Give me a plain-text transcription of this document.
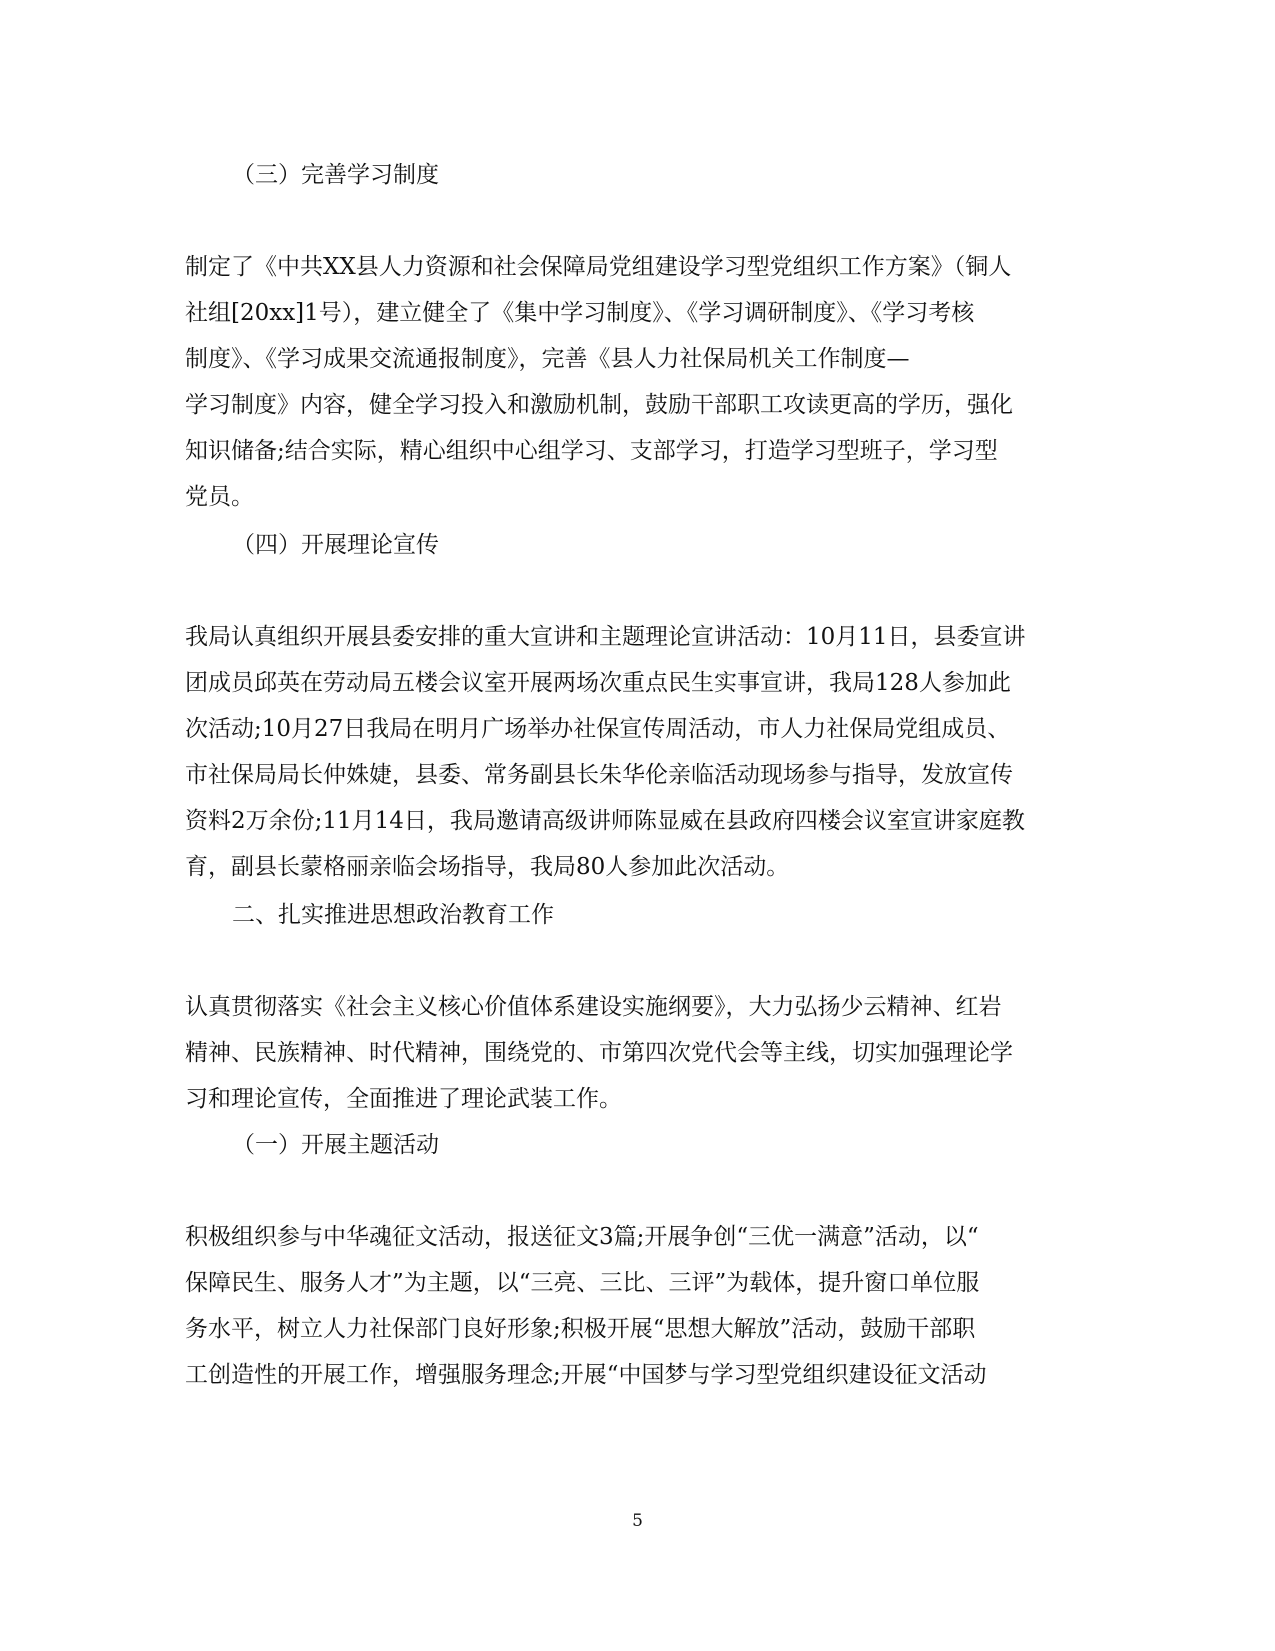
（三）完善学习制度
制定了《中共XX县人力资源和社会保障局党组建设学习型党组织工作方案》（铜人
社组[20xx]1号），建立健全了《集中学习制度》、《学习调研制度》、《学习考核
制度》、《学习成果交流通报制度》，完善《县人力社保局机关工作制度—
学习制度》内容，健全学习投入和激励机制，鼓励干部职工攻读更高的学历，强化
知识储备;结合实际，精心组织中心组学习、支部学习，打造学习型班子，学习型
党员。
（四）开展理论宣传
我局认真组织开展县委安排的重大宣讲和主题理论宣讲活动：10月11日，县委宣讲
团成员邱英在劳动局五楼会议室开展两场次重点民生实事宣讲，我局128人参加此
次活动;10月27日我局在明月广场举办社保宣传周活动，市人力社保局党组成员、
市社保局局长仲姝婕，县委、常务副县长朱华伦亲临活动现场参与指导，发放宣传
资料2万余份;11月14日，我局邀请高级讲师陈显威在县政府四楼会议室宣讲家庭教
育，副县长蒙格丽亲临会场指导，我局80人参加此次活动。
二、扎实推进思想政治教育工作
认真贯彻落实《社会主义核心价值体系建设实施纲要》，大力弘扬少云精神、红岩
精神、民族精神、时代精神，围绕党的、市第四次党代会等主线，切实加强理论学
习和理论宣传，全面推进了理论武装工作。
（一）开展主题活动
积极组织参与中华魂征文活动，报送征文3篇;开展争创“三优一满意”活动，以“
保障民生、服务人才”为主题，以“三亮、三比、三评”为载体，提升窗口单位服
务水平，树立人力社保部门良好形象;积极开展“思想大解放”活动，鼓励干部职
工创造性的开展工作，增强服务理念;开展“中国梦与学习型党组织建设征文活动
5
